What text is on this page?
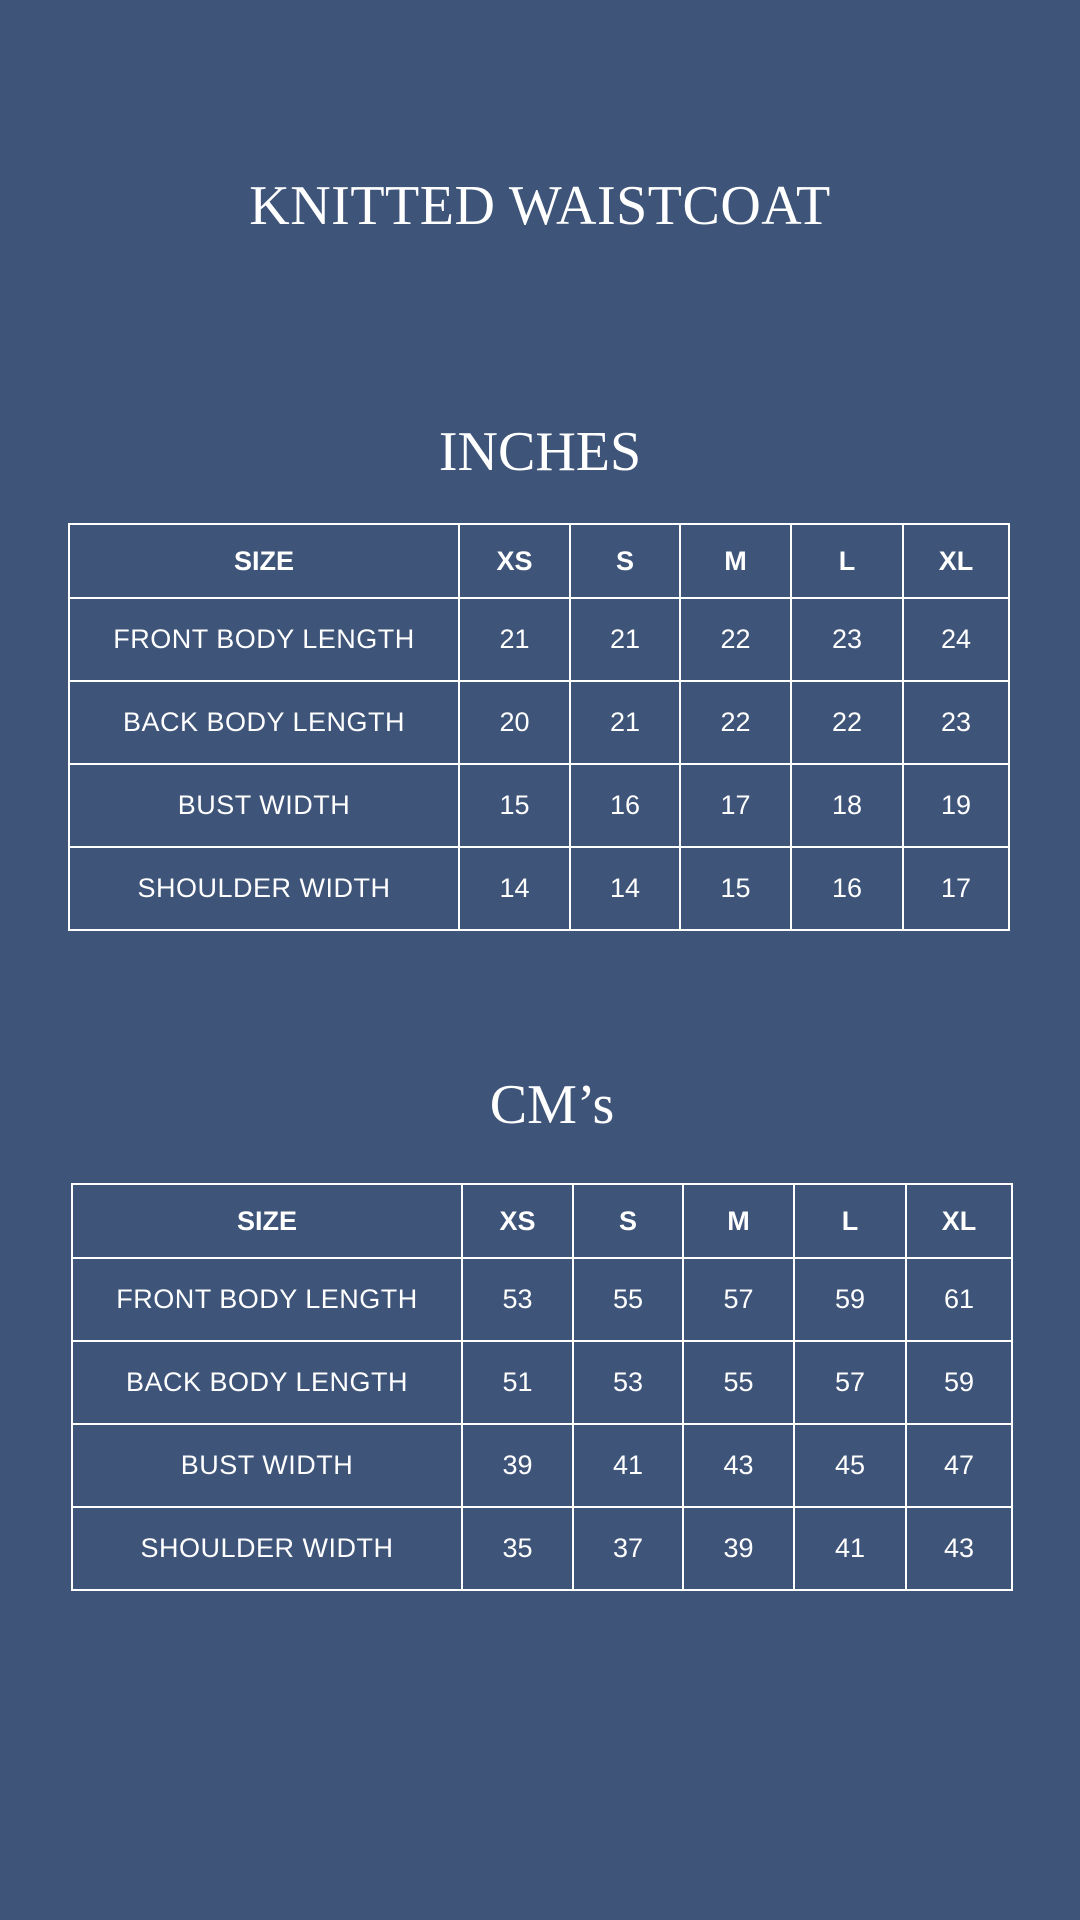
KNITTED WAISTCOAT
INCHES
SIZE	XS	S	M	L	XL
FRONT BODY LENGTH	21	21	22	23	24
BACK BODY LENGTH	20	21	22	22	23
BUST WIDTH	15	16	17	18	19
SHOULDER WIDTH	14	14	15	16	17
CM’s
SIZE	XS	S	M	L	XL
FRONT BODY LENGTH	53	55	57	59	61
BACK BODY LENGTH	51	53	55	57	59
BUST WIDTH	39	41	43	45	47
SHOULDER WIDTH	35	37	39	41	43
